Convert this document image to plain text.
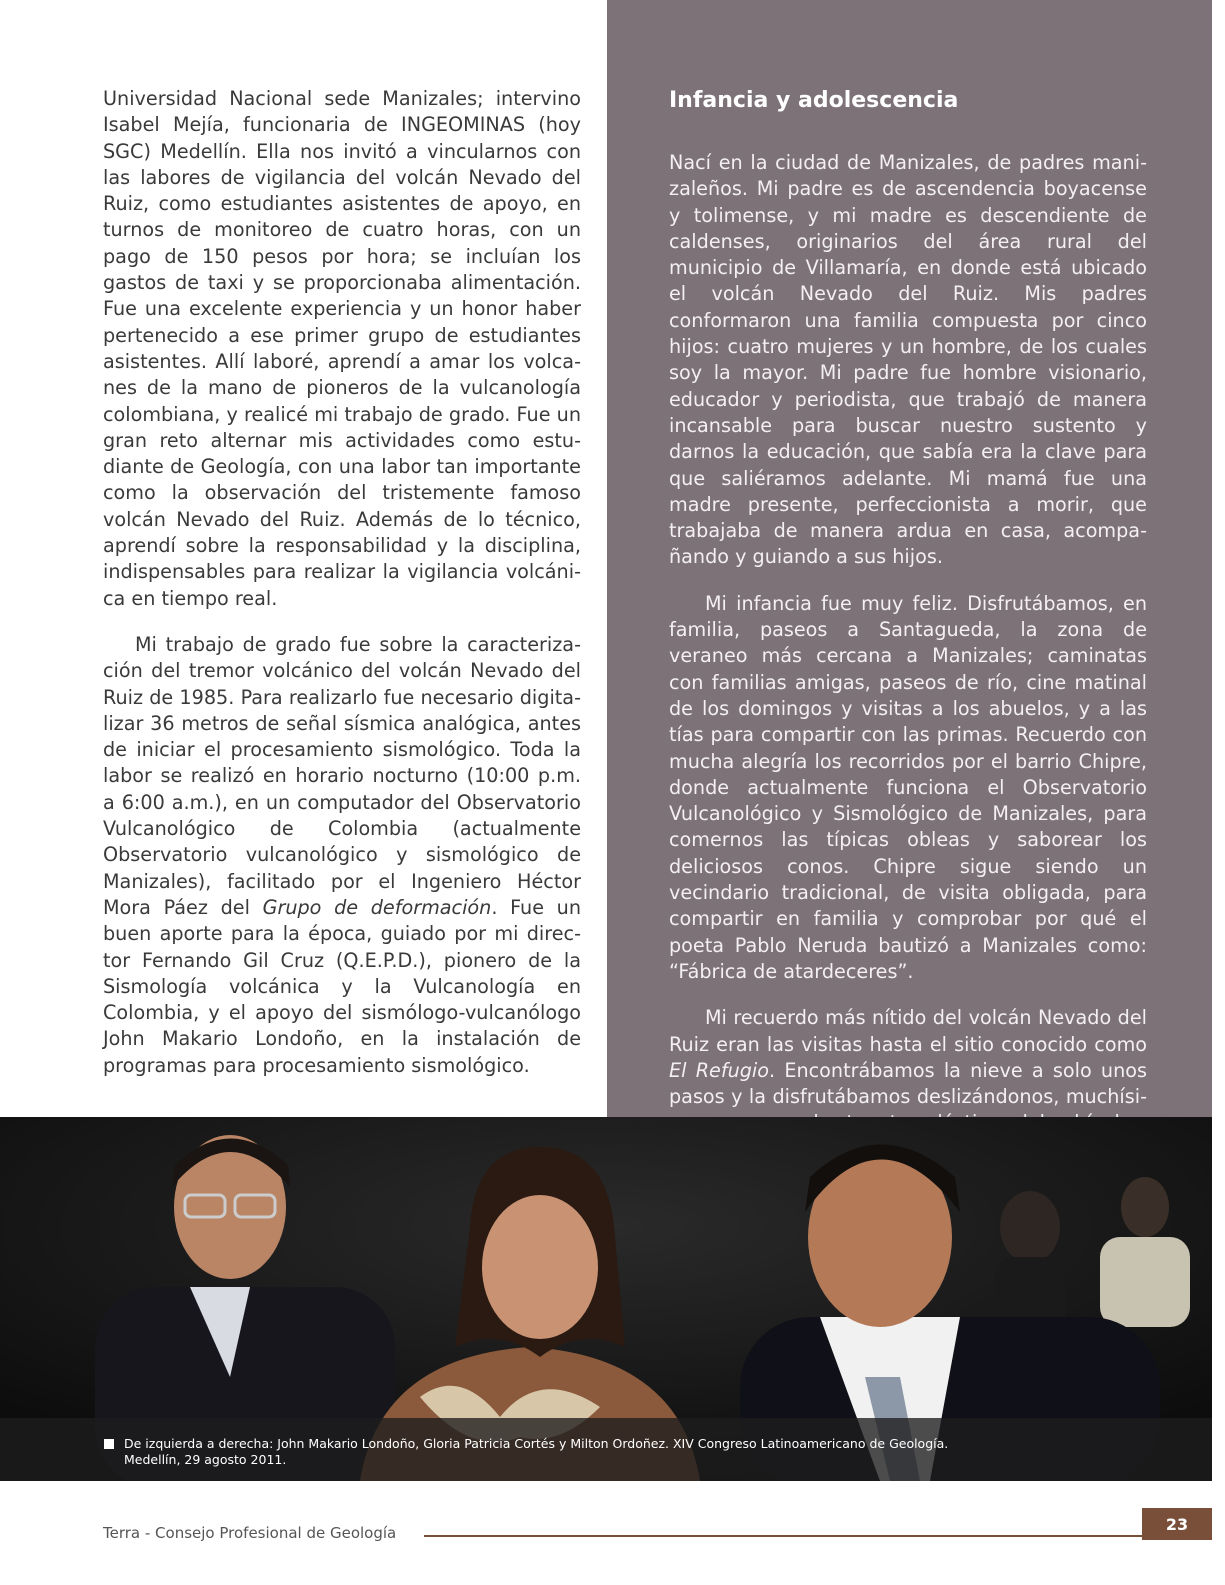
Universidad Nacional sede Manizales; intervino Isabel Mejía, funcionaria de INGEOMINAS (hoy SGC) Medellín. Ella nos invitó a vincularnos con las labores de vigilancia del volcán Nevado del Ruiz, como estudiantes asistentes de apoyo, en turnos de monitoreo de cuatro horas, con un pago de 150 pesos por hora; se incluían los gastos de taxi y se proporcionaba alimentación. Fue una excelente experiencia y un honor haber pertenecido a ese primer grupo de estudiantes asistentes. Allí laboré, aprendí a amar los volcanes de la mano de pioneros de la vulcanología colombiana, y realicé mi trabajo de grado. Fue un gran reto alternar mis actividades como estudiante de Geología, con una labor tan importante como la observación del tristemente famoso volcán Nevado del Ruiz. Además de lo técnico, aprendí sobre la responsabilidad y la disciplina, indispensables para realizar la vigilancia volcánica en tiempo real.

Mi trabajo de grado fue sobre la caracterización del tremor volcánico del volcán Nevado del Ruiz de 1985. Para realizarlo fue necesario digitalizar 36 metros de señal sísmica analógica, antes de iniciar el procesamiento sismológico. Toda la labor se realizó en horario nocturno (10:00 p.m. a 6:00 a.m.), en un computador del Observatorio Vulcanológico de Colombia (actualmente Observatorio vulcanológico y sismológico de Manizales), facilitado por el Ingeniero Héctor Mora Páez del Grupo de deformación. Fue un buen aporte para la época, guiado por mi director Fernando Gil Cruz (Q.E.P.D.), pionero de la Sismología volcánica y la Vulcanología en Colombia, y el apoyo del sismólogo-vulcanólogo John Makario Londoño, en la instalación de programas para procesamiento sismológico.

Infancia y adolescencia

Nací en la ciudad de Manizales, de padres manizaleños. Mi padre es de ascendencia boyacense y tolimense, y mi madre es descendiente de caldenses, originarios del área rural del municipio de Villamaría, en donde está ubicado el volcán Nevado del Ruiz. Mis padres conformaron una familia compuesta por cinco hijos: cuatro mujeres y un hombre, de los cuales soy la mayor. Mi padre fue hombre visionario, educador y periodista, que trabajó de manera incansable para buscar nuestro sustento y darnos la educación, que sabía era la clave para que saliéramos adelante. Mi mamá fue una madre presente, perfeccionista a morir, que trabajaba de manera ardua en casa, acompañando y guiando a sus hijos.

Mi infancia fue muy feliz. Disfrutábamos, en familia, paseos a Santagueda, la zona de veraneo más cercana a Manizales; caminatas con familias amigas, paseos de río, cine matinal de los domingos y visitas a los abuelos, y a las tías para compartir con las primas. Recuerdo con mucha alegría los recorridos por el barrio Chipre, donde actualmente funciona el Observatorio Vulcanológico y Sismológico de Manizales, para comernos las típicas obleas y saborear los deliciosos conos. Chipre sigue siendo un vecindario tradicional, de visita obligada, para compartir en familia y comprobar por qué el poeta Pablo Neruda bautizó a Manizales como: “Fábrica de atardeceres”.

Mi recuerdo más nítido del volcán Nevado del Ruiz eran las visitas hasta el sitio conocido como El Refugio. Encontrábamos la nieve a solo unos pasos y la disfrutábamos deslizándonos, muchísi

De izquierda a derecha: John Makario Londoño, Gloria Patricia Cortés y Milton Ordoñez. XIV Congreso Latinoamericano de Geología.
Medellín, 29 agosto 2011.
Terra - Consejo Profesional de Geología	23
